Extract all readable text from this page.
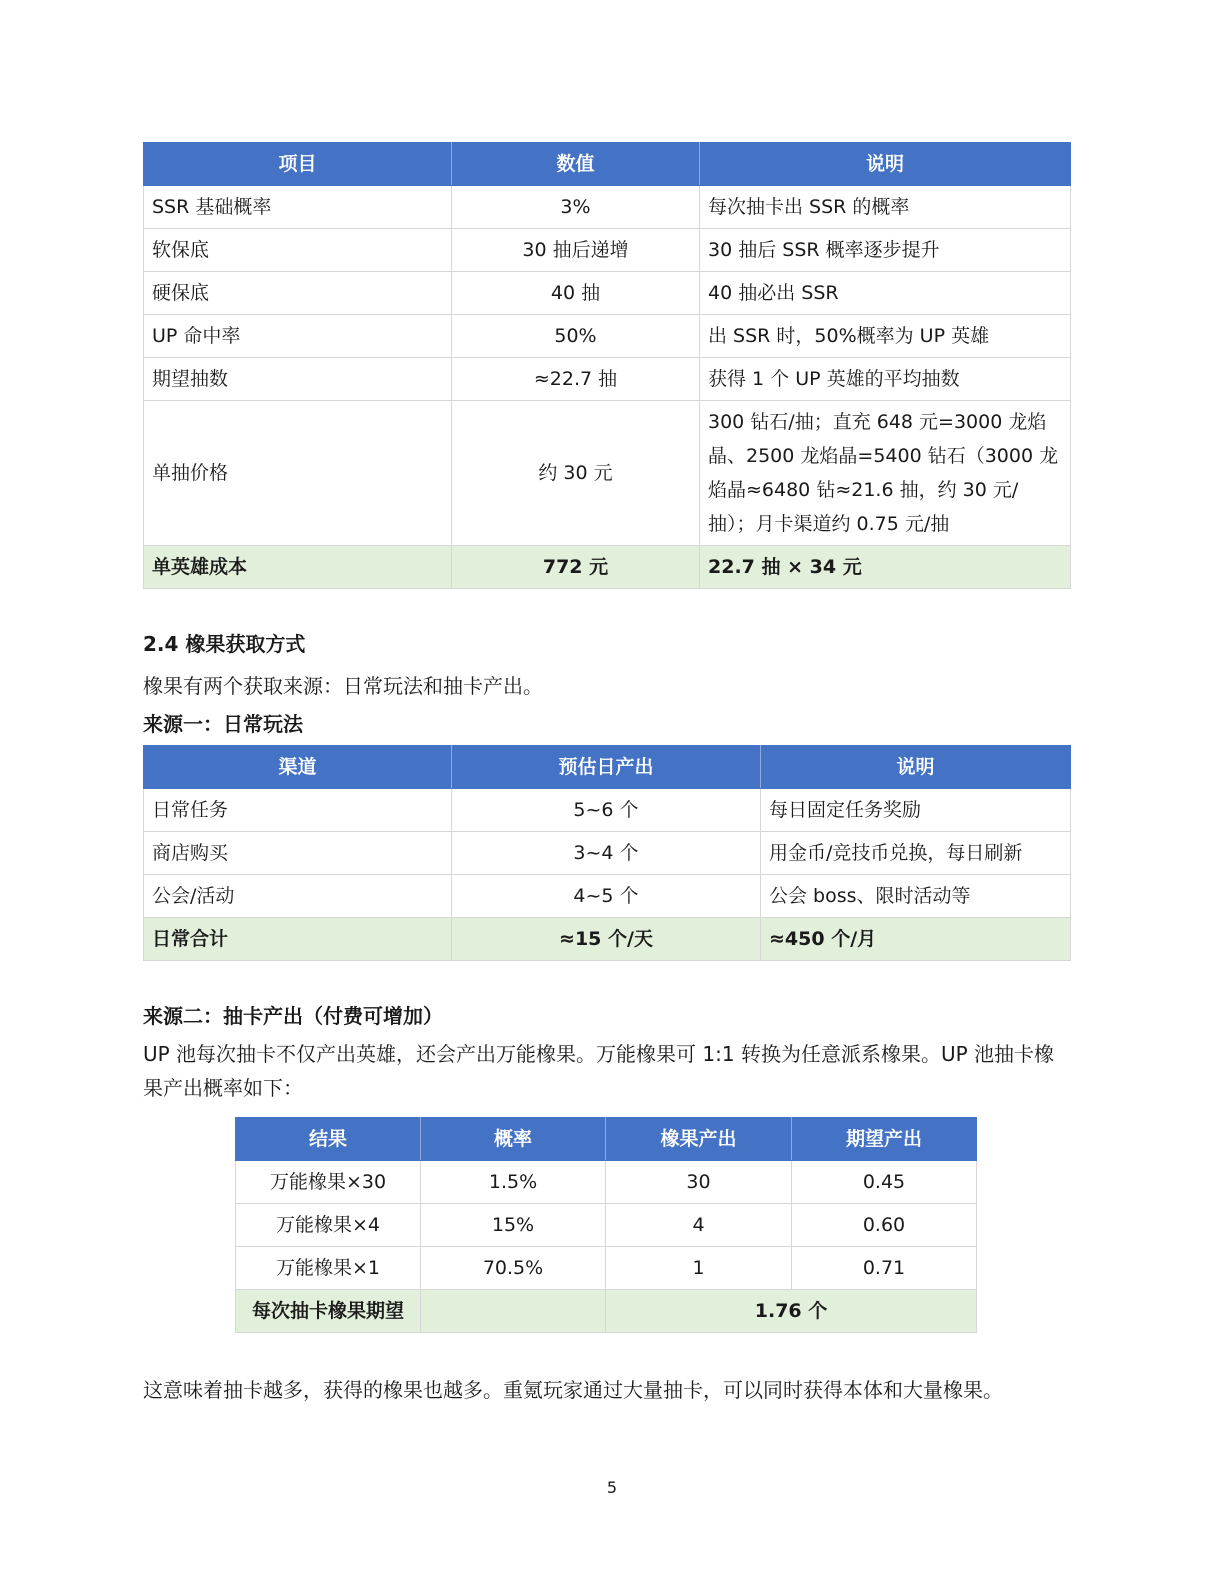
项目	数值	说明
SSR 基础概率	3%	每次抽卡出 SSR 的概率
软保底	30 抽后递增	30 抽后 SSR 概率逐步提升
硬保底	40 抽	40 抽必出 SSR
UP 命中率	50%	出 SSR 时，50%概率为 UP 英雄
期望抽数	≈22.7 抽	获得 1 个 UP 英雄的平均抽数
单抽价格	约 30 元	300 钻石/抽；直充 648 元=3000 龙焰晶、2500 龙焰晶=5400 钻石（3000 龙焰晶≈6480 钻≈21.6 抽，约 30 元/抽）；月卡渠道约 0.75 元/抽
单英雄成本	772 元	22.7 抽 × 34 元
2.4 橡果获取方式

橡果有两个获取来源：日常玩法和抽卡产出。

来源一：日常玩法
渠道	预估日产出	说明
日常任务	5~6 个	每日固定任务奖励
商店购买	3~4 个	用金币/竞技币兑换，每日刷新
公会/活动	4~5 个	公会 boss、限时活动等
日常合计	≈15 个/天	≈450 个/月
来源二：抽卡产出（付费可增加）

UP 池每次抽卡不仅产出英雄，还会产出万能橡果。万能橡果可 1:1 转换为任意派系橡果。UP 池抽卡橡果产出概率如下：

结果	概率	橡果产出	期望产出
万能橡果×30	1.5%	30	0.45
万能橡果×4	15%	4	0.60
万能橡果×1	70.5%	1	0.71
每次抽卡橡果期望		1.76 个	

这意味着抽卡越多，获得的橡果也越多。重氪玩家通过大量抽卡，可以同时获得本体和大量橡果。

5
